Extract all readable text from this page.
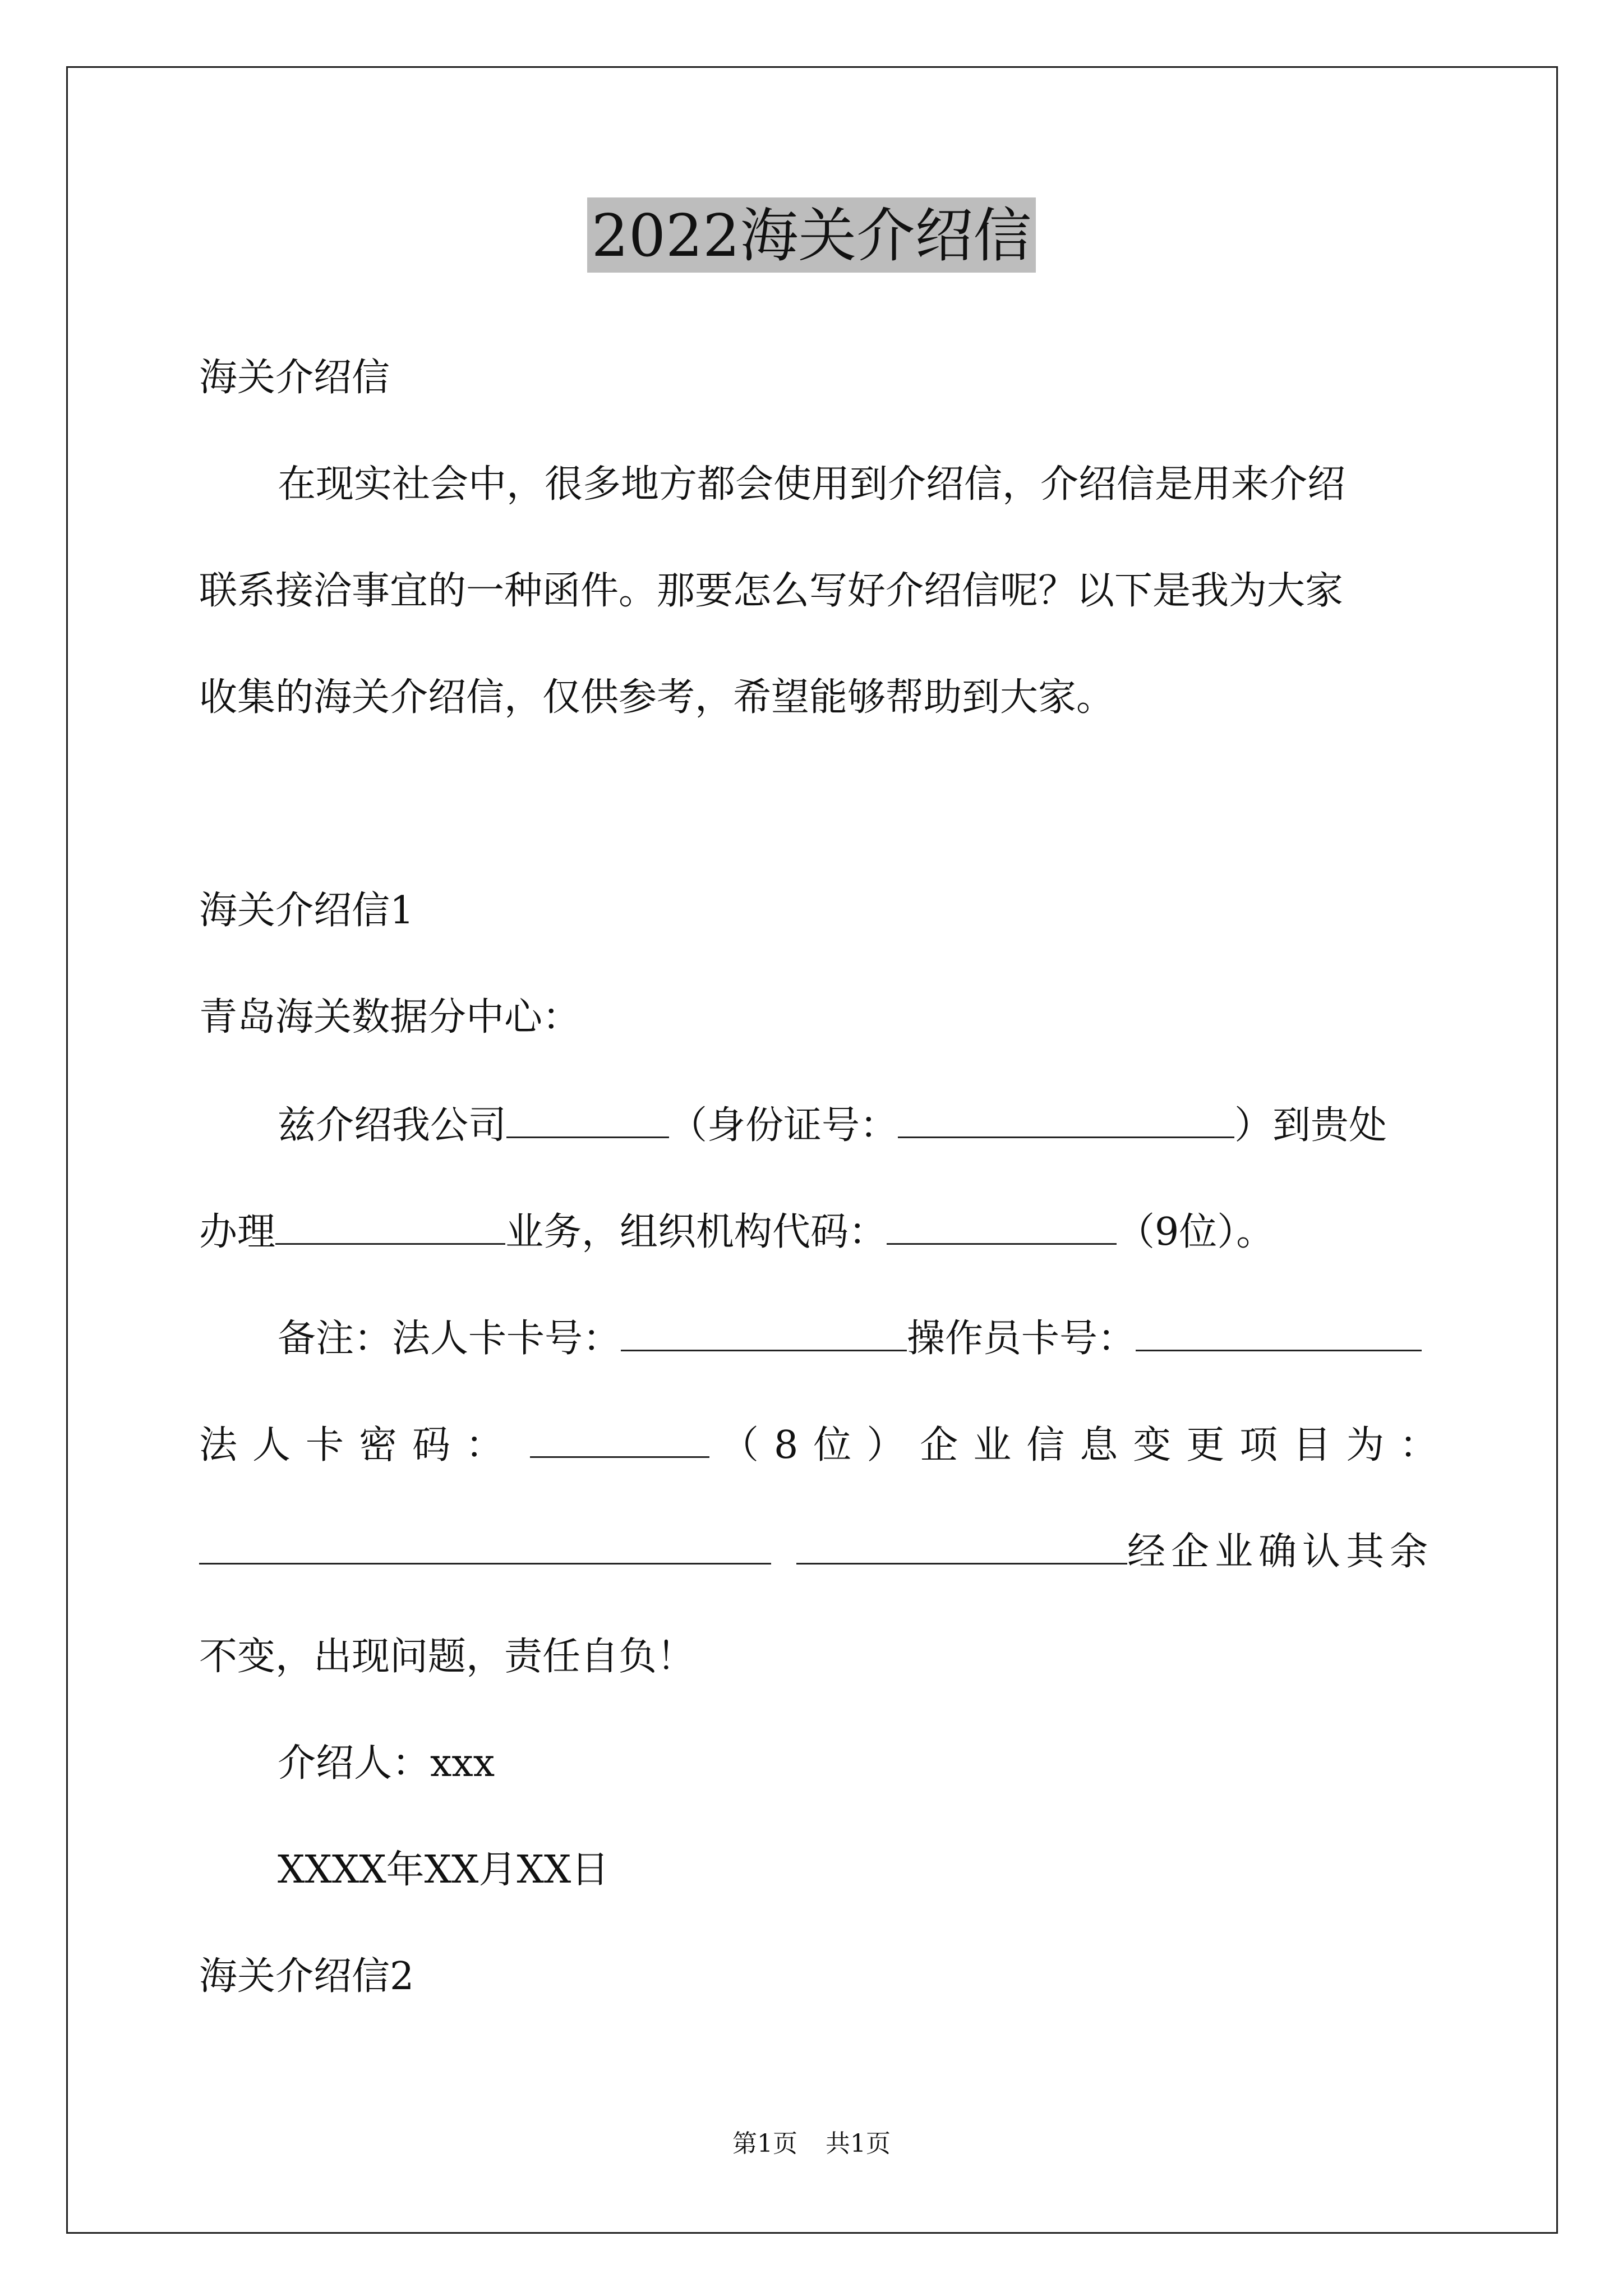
2022海关介绍信
海关介绍信
在现实社会中，很多地方都会使用到介绍信，介绍信是用来介绍
联系接洽事宜的一种函件。那要怎么写好介绍信呢？以下是我为大家
收集的海关介绍信，仅供参考，希望能够帮助到大家。
海关介绍信1
青岛海关数据分中心：
兹介绍我公司	（身份证号：	）到贵处
办理	业务，组织机构代码：	（9位）。
备注：法人卡卡号：	操作员卡号：
法人卡密码：	（8位）企业信息变更项目为：
经企业确认其余
不变，出现问题，责任自负！
介绍人：xxx
XXXX年XX月XX日
海关介绍信2
第1页 共1页
